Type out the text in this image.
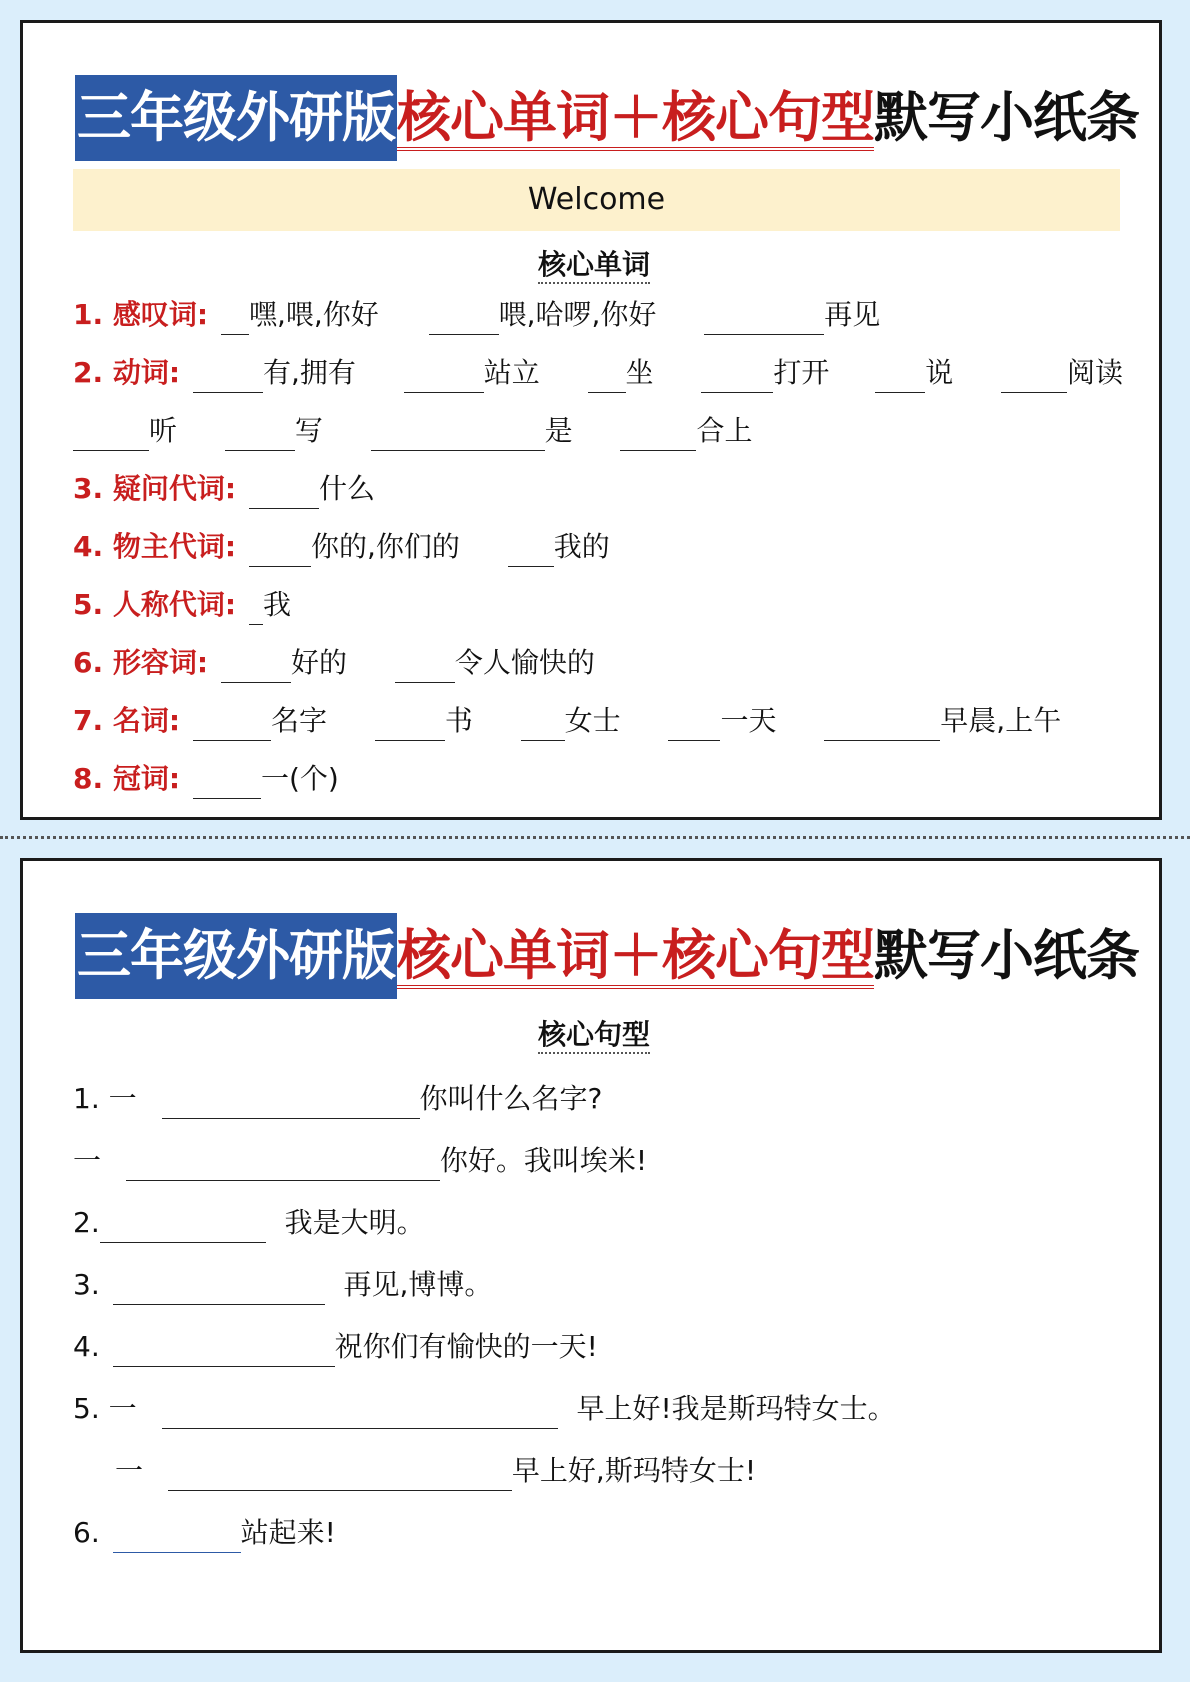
三年级外研版核心单词＋核心句型默写小纸条
Welcome
核心单词
1. 感叹词: 嘿,喂,你好	喂,哈啰,你好	再见
2. 动词:	有,拥有	站立	坐	打开	说	阅读
听	写	是	合上
3. 疑问代词:	什么
4. 物主代词:	你的,你们的	我的
5. 人称代词: 我
6. 形容词:	好的	令人愉快的
7. 名词:	名字	书	女士	一天	早晨,上午
8. 冠词:	一(个)
三年级外研版核心单词＋核心句型默写小纸条
核心句型
1. 一	你叫什么名字?
一	你好。我叫埃米!
2.	我是大明。
3.	再见,博博。
4.	祝你们有愉快的一天!
5. 一	早上好!我是斯玛特女士。
一	早上好,斯玛特女士!
6.	站起来!
